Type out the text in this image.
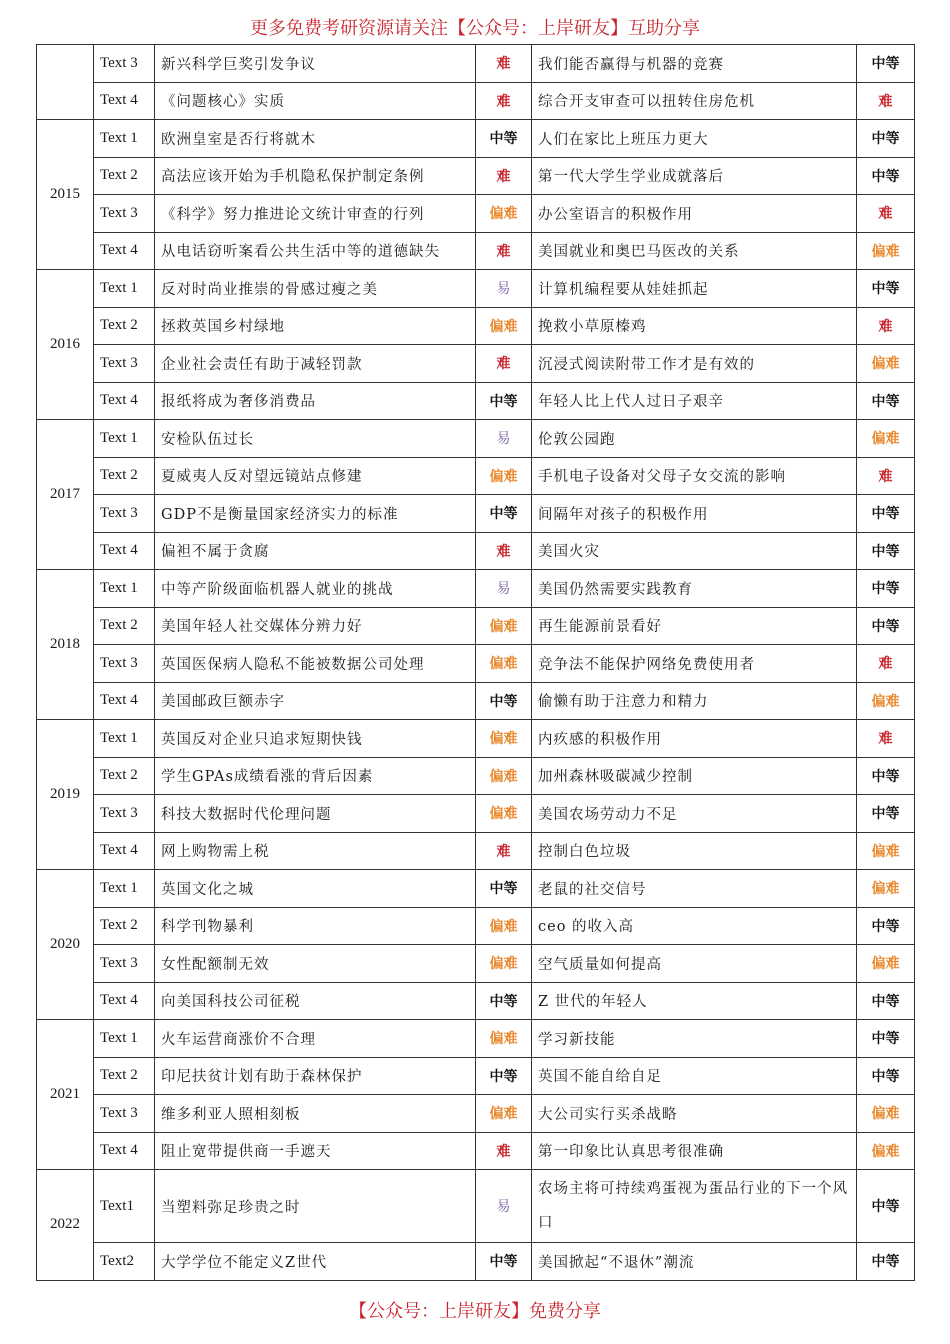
更多免费考研资源请关注【公众号：上岸研友】互助分享
	Text 3	新兴科学巨奖引发争议	难	我们能否赢得与机器的竞赛	中等
	Text 4	《问题核心》实质	难	综合开支审查可以扭转住房危机	难
2015	Text 1	欧洲皇室是否行将就木	中等	人们在家比上班压力更大	中等
	Text 2	高法应该开始为手机隐私保护制定条例	难	第一代大学生学业成就落后	中等
	Text 3	《科学》努力推进论文统计审查的行列	偏难	办公室语言的积极作用	难
	Text 4	从电话窃听案看公共生活中等的道德缺失	难	美国就业和奥巴马医改的关系	偏难
2016	Text 1	反对时尚业推崇的骨感过瘦之美	易	计算机编程要从娃娃抓起	中等
	Text 2	拯救英国乡村绿地	偏难	挽救小草原榛鸡	难
	Text 3	企业社会责任有助于减轻罚款	难	沉浸式阅读附带工作才是有效的	偏难
	Text 4	报纸将成为奢侈消费品	中等	年轻人比上代人过日子艰辛	中等
2017	Text 1	安检队伍过长	易	伦敦公园跑	偏难
	Text 2	夏威夷人反对望远镜站点修建	偏难	手机电子设备对父母子女交流的影响	难
	Text 3	GDP不是衡量国家经济实力的标准	中等	间隔年对孩子的积极作用	中等
	Text 4	偏袒不属于贪腐	难	美国火灾	中等
2018	Text 1	中等产阶级面临机器人就业的挑战	易	美国仍然需要实践教育	中等
	Text 2	美国年轻人社交媒体分辨力好	偏难	再生能源前景看好	中等
	Text 3	英国医保病人隐私不能被数据公司处理	偏难	竞争法不能保护网络免费使用者	难
	Text 4	美国邮政巨额赤字	中等	偷懒有助于注意力和精力	偏难
2019	Text 1	英国反对企业只追求短期快钱	偏难	内疚感的积极作用	难
	Text 2	学生GPAs成绩看涨的背后因素	偏难	加州森林吸碳减少控制	中等
	Text 3	科技大数据时代伦理问题	偏难	美国农场劳动力不足	中等
	Text 4	网上购物需上税	难	控制白色垃圾	偏难
2020	Text 1	英国文化之城	中等	老鼠的社交信号	偏难
	Text 2	科学刊物暴利	偏难	ceo 的收入高	中等
	Text 3	女性配额制无效	偏难	空气质量如何提高	偏难
	Text 4	向美国科技公司征税	中等	Z 世代的年轻人	中等
2021	Text 1	火车运营商涨价不合理	偏难	学习新技能	中等
	Text 2	印尼扶贫计划有助于森林保护	中等	英国不能自给自足	中等
	Text 3	维多利亚人照相刻板	偏难	大公司实行买杀战略	偏难
	Text 4	阻止宽带提供商一手遮天	难	第一印象比认真思考很准确	偏难
2022	Text1	当塑料弥足珍贵之时	易	农场主将可持续鸡蛋视为蛋品行业的下一个风口	中等
	Text2	大学学位不能定义Z世代	中等	美国掀起“不退休”潮流	中等
【公众号：上岸研友】免费分享
